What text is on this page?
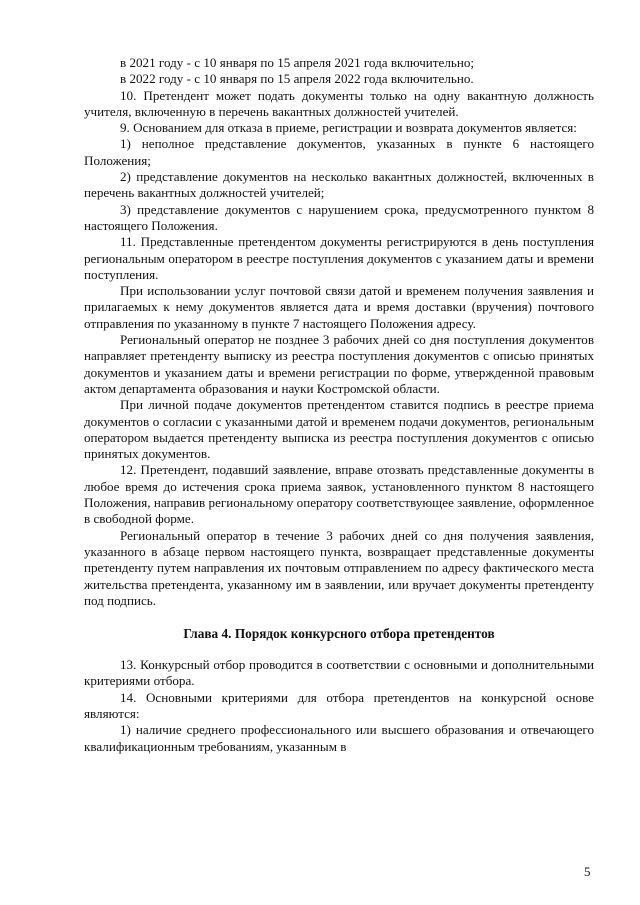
в 2021 году - с 10 января по 15 апреля 2021 года включительно;

в 2022 году - с 10 января по 15 апреля 2022 года включительно.

10. Претендент может подать документы только на одну вакантную должность учителя, включенную в перечень вакантных должностей учителей.

9. Основанием для отказа в приеме, регистрации и возврата документов является:

1) неполное представление документов, указанных в пункте 6 настоящего Положения;

2) представление документов на несколько вакантных должностей, включенных в перечень вакантных должностей учителей;

3) представление документов с нарушением срока, предусмотренного пунктом 8 настоящего Положения.

11. Представленные претендентом документы регистрируются в день поступления региональным оператором в реестре поступления документов с указанием даты и времени поступления.

При использовании услуг почтовой связи датой и временем получения заявления и прилагаемых к нему документов является дата и время доставки (вручения) почтового отправления по указанному в пункте 7 настоящего Положения адресу.

Региональный оператор не позднее 3 рабочих дней со дня поступления документов направляет претенденту выписку из реестра поступления документов с описью принятых документов и указанием даты и времени регистрации по форме, утвержденной правовым актом департамента образования и науки Костромской области.

При личной подаче документов претендентом ставится подпись в реестре приема документов о согласии с указанными датой и временем подачи документов, региональным оператором выдается претенденту выписка из реестра поступления документов с описью принятых документов.

12. Претендент, подавший заявление, вправе отозвать представленные документы в любое время до истечения срока приема заявок, установленного пунктом 8 настоящего Положения, направив региональному оператору соответствующее заявление, оформленное в свободной форме.

Региональный оператор в течение 3 рабочих дней со дня получения заявления, указанного в абзаце первом настоящего пункта, возвращает представленные документы претенденту путем направления их почтовым отправлением по адресу фактического места жительства претендента, указанному им в заявлении, или вручает документы претенденту под подпись.

Глава 4. Порядок конкурсного отбора претендентов

13. Конкурсный отбор проводится в соответствии с основными и дополнительными критериями отбора.

14. Основными критериями для отбора претендентов на конкурсной основе являются:

1) наличие среднего профессионального или высшего образования и отвечающего квалификационным требованиям, указанным в

5
